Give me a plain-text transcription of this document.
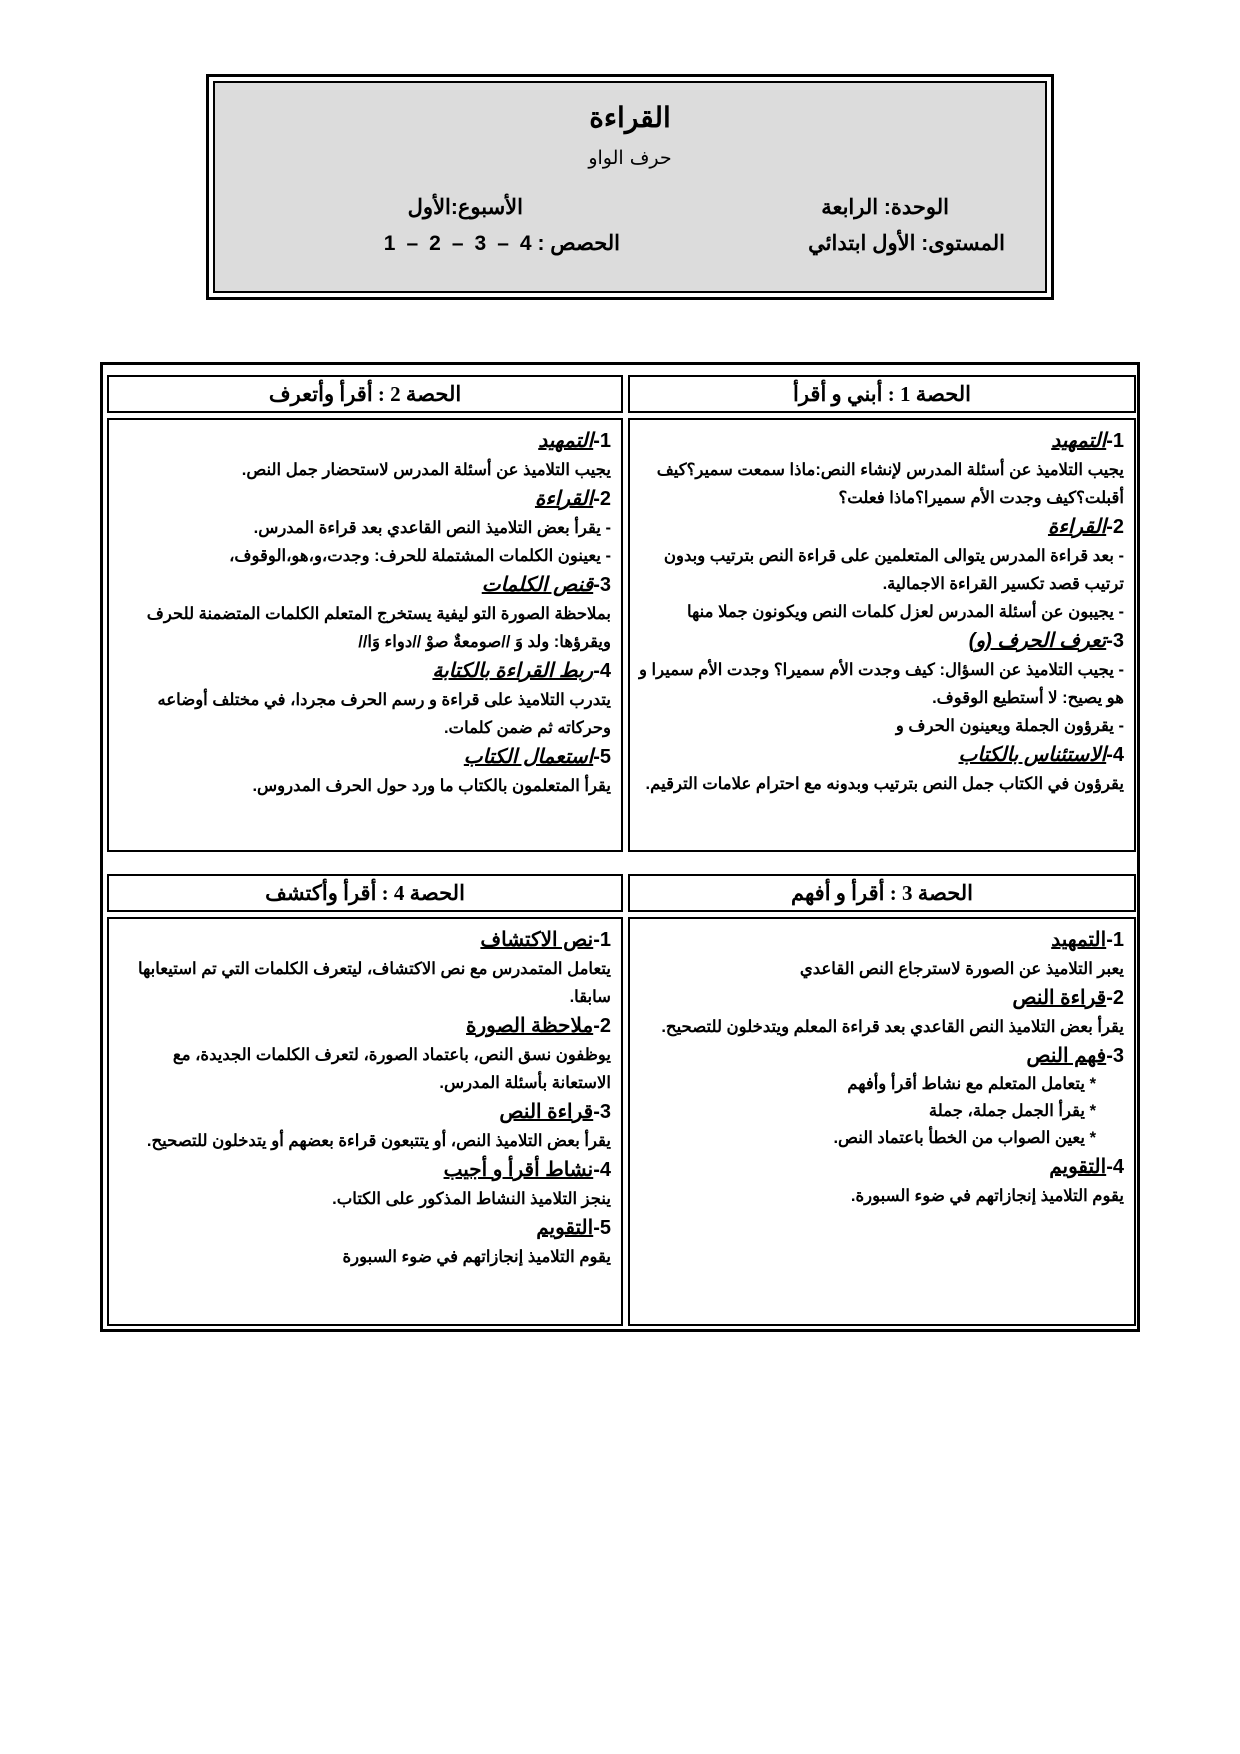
القراءة
حرف الواو
الوحدة: الرابعة
الأسبوع:الأول
المستوى: الأول ابتدائي
الحصص : 1 – 2 – 3 – 4
الحصة 1 : أبني و أقرأ
1-التمهيد
يجيب التلاميذ عن أسئلة المدرس لإنشاء النص:ماذا سمعت سمير؟كيف أقبلت؟كيف وجدت الأم سميرا؟ماذا فعلت؟
2-القراءة
- بعد قراءة المدرس يتوالى المتعلمين على قراءة النص بترتيب وبدون ترتيب قصد تكسير القراءة الاجمالية.
- يجيبون عن أسئلة المدرس لعزل كلمات النص ويكونون جملا منها
3-تعرف الحرف (و)
- يجيب التلاميذ عن السؤال: كيف وجدت الأم سميرا؟ وجدت الأم سميرا و هو يصيح: لا أستطيع الوقوف.
- يقرؤون الجملة ويعينون الحرف و
4-الاستئناس بالكتاب
يقرؤون في الكتاب جمل النص بترتيب وبدونه مع احترام علامات الترقيم.
الحصة 2 : أقرأ وأتعرف
1-التمهيد
يجيب التلاميذ عن أسئلة المدرس لاستحضار جمل النص.
2-القراءة
- يقرأ بعض التلاميذ النص القاعدي بعد قراءة المدرس.
- يعينون الكلمات المشتملة للحرف: وجدت،و،هو،الوقوف،
3-قنص الكلمات
بملاحظة الصورة التو ليفية يستخرج المتعلم الكلمات المتضمنة للحرف ويقرؤها: ولد وَ //صومعةٌ صوْ //دواء وَا//
4-ربط القراءة بالكتابة
يتدرب التلاميذ على قراءة و رسم الحرف مجردا، في مختلف أوضاعه وحركاته ثم ضمن كلمات.
5-استعمال الكتاب
يقرأ المتعلمون بالكتاب ما ورد حول الحرف المدروس.
الحصة 3 : أقرأ و أفهم
1-التمهيد
يعبر التلاميذ عن الصورة لاسترجاع النص القاعدي
2-قراءة النص
يقرأ بعض التلاميذ النص القاعدي بعد قراءة المعلم ويتدخلون للتصحيح.
3-فهم النص
* يتعامل المتعلم مع نشاط أقرأ وأفهم
* يقرأ الجمل جملة، جملة
* يعين الصواب من الخطأ باعتماد النص.
4-التقويم
يقوم التلاميذ إنجازاتهم في ضوء السبورة.
الحصة 4 : أقرأ وأكتشف
1-نص الاكتشاف
يتعامل المتمدرس مع نص الاكتشاف، ليتعرف الكلمات التي تم استيعابها سابقا.
2-ملاحظة الصورة
يوظفون نسق النص، باعتماد الصورة، لتعرف الكلمات الجديدة، مع الاستعانة بأسئلة المدرس.
3-قراءة النص
يقرأ بعض التلاميذ النص، أو يتتبعون قراءة بعضهم أو يتدخلون للتصحيح.
4-نشاط أقرأ و أجيب
ينجز التلاميذ النشاط المذكور على الكتاب.
5-التقويم
يقوم التلاميذ إنجازاتهم في ضوء السبورة
